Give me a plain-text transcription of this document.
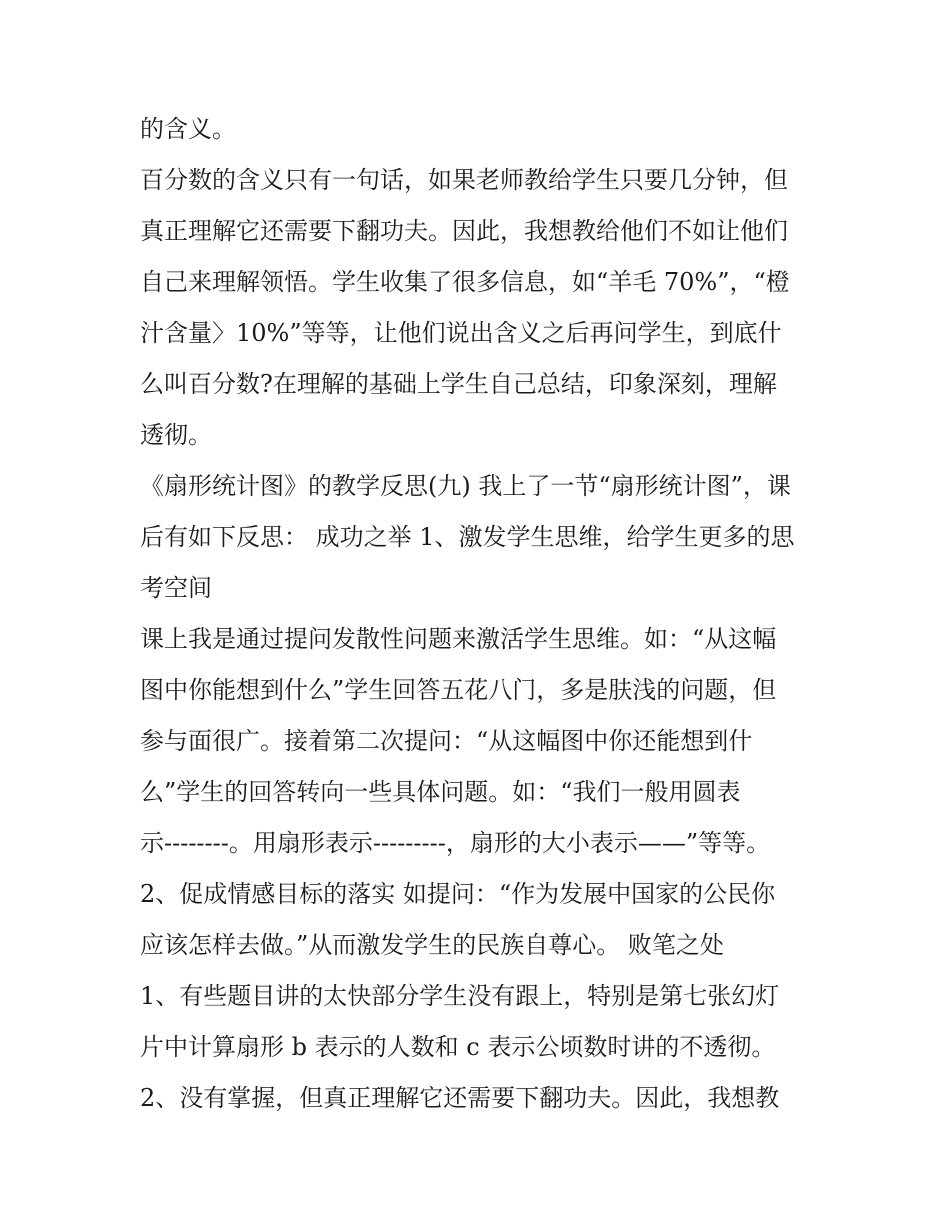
的含义。

百分数的含义只有一句话，如果老师教给学生只要几分钟，但

真正理解它还需要下翻功夫。因此，我想教给他们不如让他们

自己来理解领悟。学生收集了很多信息，如“羊毛 70%”，“橙

汁含量〉10%”等等，让他们说出含义之后再问学生，到底什

么叫百分数?在理解的基础上学生自己总结，印象深刻，理解

透彻。

《扇形统计图》的教学反思(九) 我上了一节“扇形统计图”，课

后有如下反思： 成功之举 1、激发学生思维，给学生更多的思

考空间

课上我是通过提问发散性问题来激活学生思维。如：“从这幅

图中你能想到什么”学生回答五花八门，多是肤浅的问题，但

参与面很广。接着第二次提问：“从这幅图中你还能想到什

么”学生的回答转向一些具体问题。如：“我们一般用圆表

示--------。用扇形表示---------，扇形的大小表示——”等等。

2、促成情感目标的落实 如提问：“作为发展中国家的公民你

应该怎样去做。”从而激发学生的民族自尊心。 败笔之处

1、有些题目讲的太快部分学生没有跟上，特别是第七张幻灯

片中计算扇形 b 表示的人数和 c 表示公顷数时讲的不透彻。

2、没有掌握，但真正理解它还需要下翻功夫。因此，我想教
